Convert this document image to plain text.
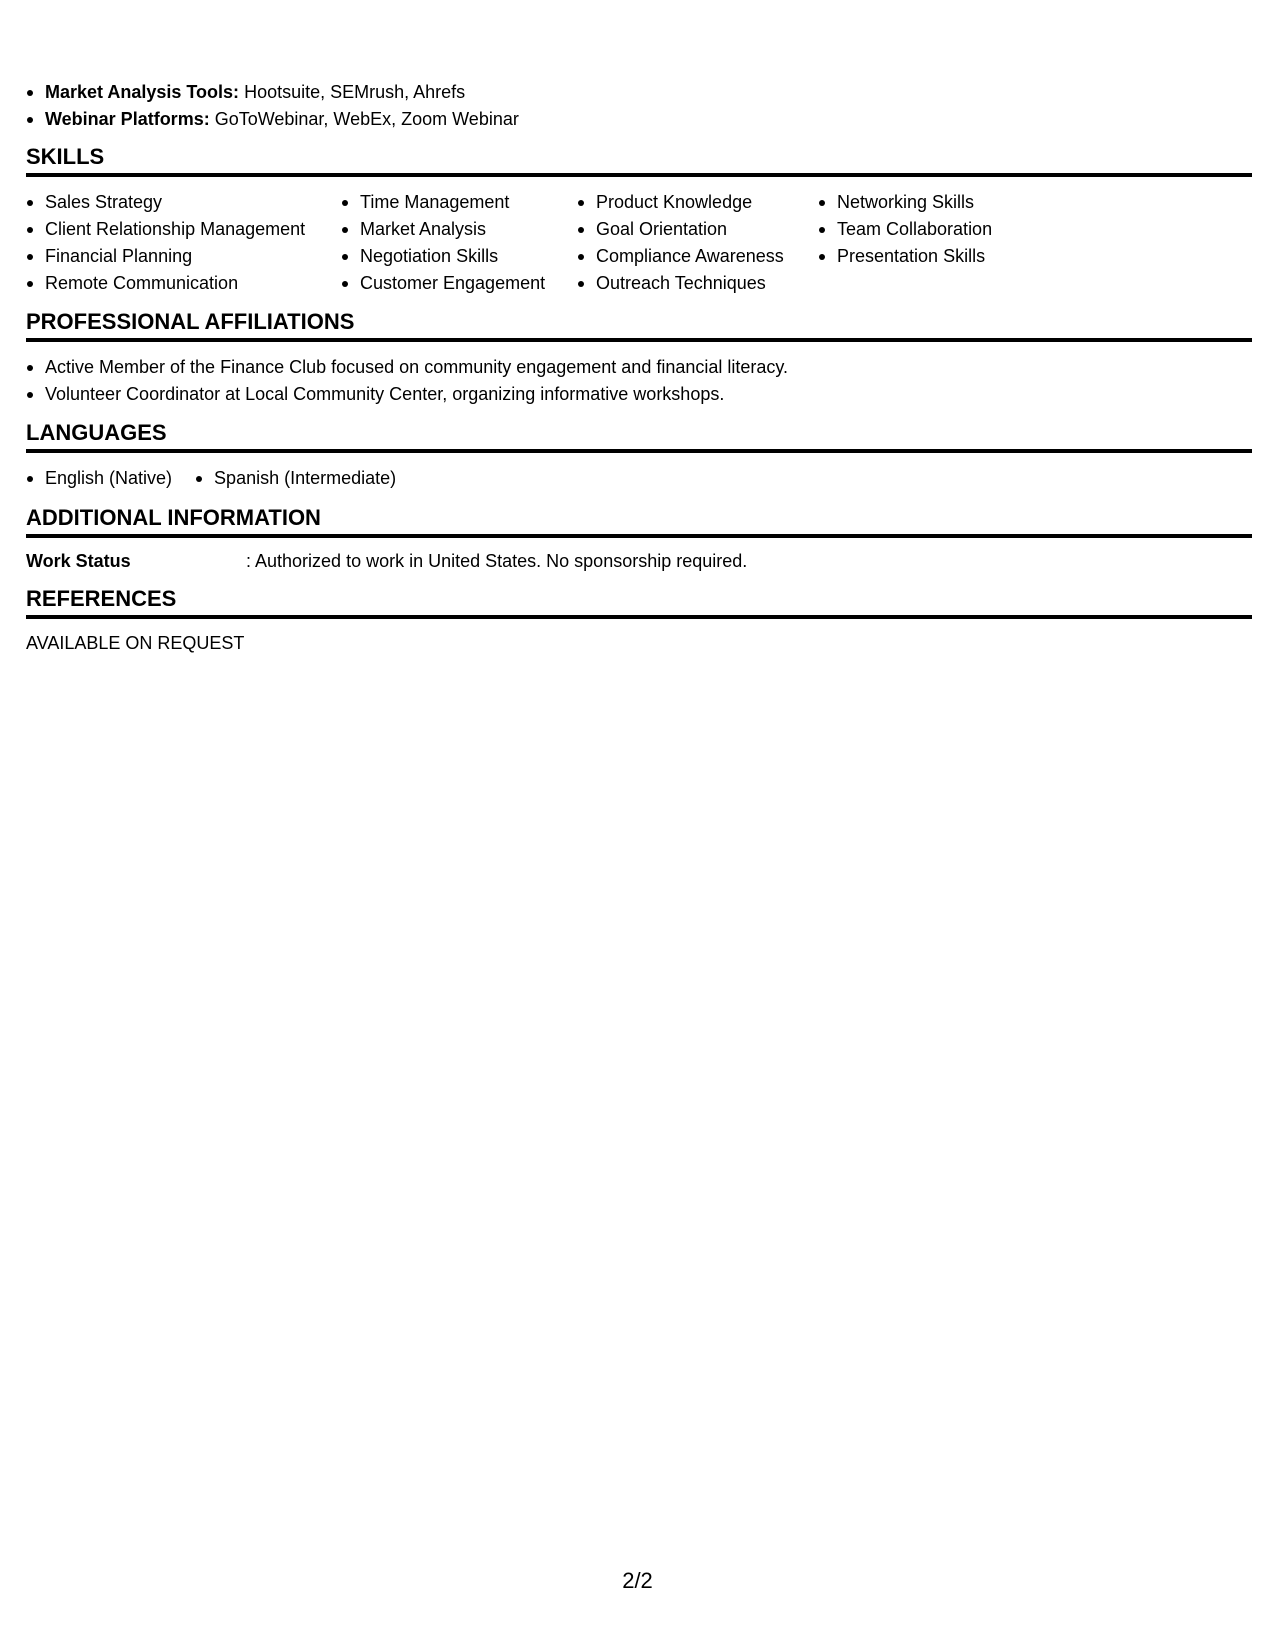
Market Analysis Tools: Hootsuite, SEMrush, Ahrefs
Webinar Platforms: GoToWebinar, WebEx, Zoom Webinar
SKILLS
Sales Strategy
Client Relationship Management
Financial Planning
Remote Communication
Time Management
Market Analysis
Negotiation Skills
Customer Engagement
Product Knowledge
Goal Orientation
Compliance Awareness
Outreach Techniques
Networking Skills
Team Collaboration
Presentation Skills
PROFESSIONAL AFFILIATIONS
Active Member of the Finance Club focused on community engagement and financial literacy.
Volunteer Coordinator at Local Community Center, organizing informative workshops.
LANGUAGES
English (Native)	Spanish (Intermediate)
ADDITIONAL INFORMATION
Work Status	: Authorized to work in United States. No sponsorship required.
REFERENCES
AVAILABLE ON REQUEST
2/2
